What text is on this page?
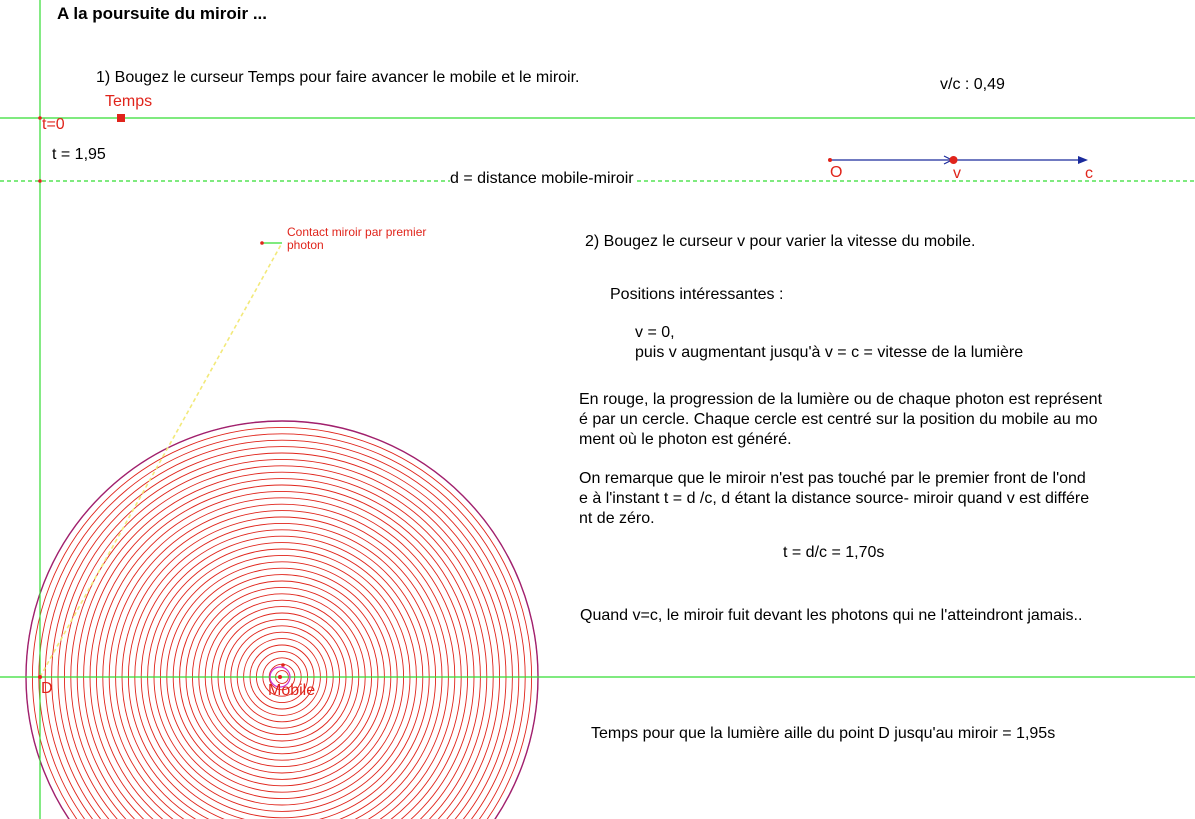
A la poursuite du miroir ...
1) Bougez le curseur Temps pour faire avancer le mobile et le miroir.	v/c : 0,49
Temps
t=0
t = 1,95
d = distance mobile-miroir	O	v	c
Contact miroir par premier
photon
D	Mobile
2) Bougez le curseur v pour varier la vitesse du mobile.
Positions intéressantes :
v = 0,
puis v augmentant jusqu'à v = c = vitesse de la lumière
En rouge, la progression de la lumière ou de chaque photon est représent
é par un cercle. Chaque cercle est centré sur la position du mobile au mo
ment où le photon est généré.
On remarque que le miroir n'est pas touché par le premier front de l'ond
e à l'instant t = d /c, d étant la distance source- miroir quand v est différe
nt de zéro.
t = d/c = 1,70s
Quand v=c, le miroir fuit devant les photons qui ne l'atteindront jamais..
Temps pour que la lumière aille du point D jusqu'au miroir = 1,95s
